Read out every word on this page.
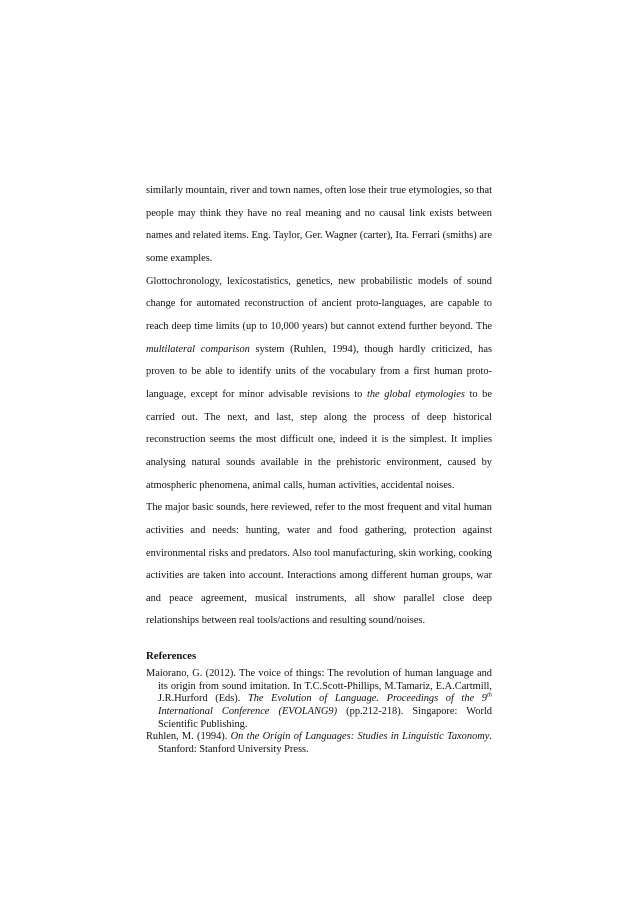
similarly mountain, river and town names, often lose their true etymologies, so that people may think they have no real meaning and no causal link exists between names and related items. Eng. Taylor, Ger. Wagner (carter), Ita. Ferrari (smiths) are some examples.

Glottochronology, lexicostatistics, genetics, new probabilistic models of sound change for automated reconstruction of ancient proto-languages, are capable to reach deep time limits (up to 10,000 years) but cannot extend further beyond. The multilateral comparison system (Ruhlen, 1994), though hardly criticized, has proven to be able to identify units of the vocabulary from a first human proto-language, except for minor advisable revisions to the global etymologies to be carried out. The next, and last, step along the process of deep historical reconstruction seems the most difficult one, indeed it is the simplest. It implies analysing natural sounds available in the prehistoric environment, caused by atmospheric phenomena, animal calls, human activities, accidental noises.

The major basic sounds, here reviewed, refer to the most frequent and vital human activities and needs: hunting, water and food gathering, protection against environmental risks and predators. Also tool manufacturing, skin working, cooking activities are taken into account. Interactions among different human groups, war and peace agreement, musical instruments, all show parallel close deep relationships between real tools/actions and resulting sound/noises.

References

Maiorano, G. (2012). The voice of things: The revolution of human language and its origin from sound imitation. In T.C.Scott-Phillips, M.Tamariz, E.A.Cartmill, J.R.Hurford (Eds). The Evolution of Language. Proceedings of the 9th International Conference (EVOLANG9) (pp.212-218). Singapore: World Scientific Publishing.

Ruhlen, M. (1994). On the Origin of Languages: Studies in Linguistic Taxonomy. Stanford: Stanford University Press.
